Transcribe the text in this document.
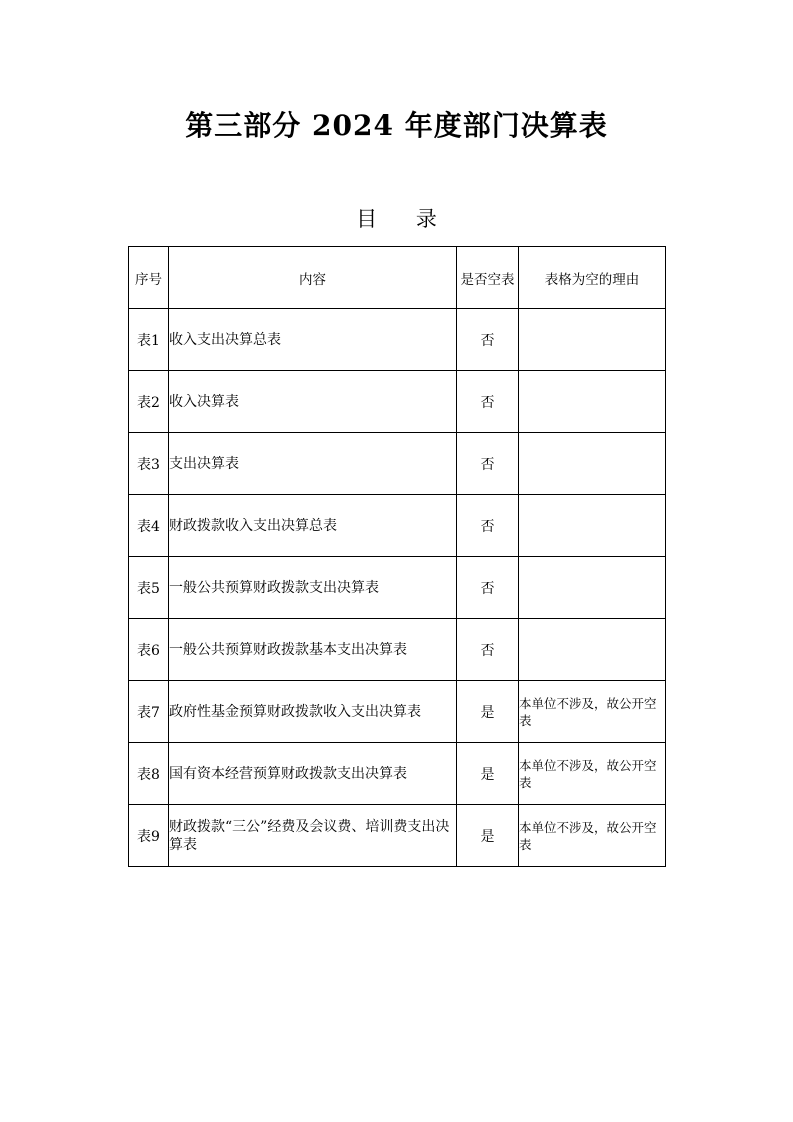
第三部分 2024 年度部门决算表
目 录
序号	内容	是否空表	表格为空的理由
表1	收入支出决算总表	否	
表2	收入决算表	否	
表3	支出决算表	否	
表4	财政拨款收入支出决算总表	否	
表5	一般公共预算财政拨款支出决算表	否	
表6	一般公共预算财政拨款基本支出决算表	否	
表7	政府性基金预算财政拨款收入支出决算表	是	本单位不涉及，故公开空表
表8	国有资本经营预算财政拨款支出决算表	是	本单位不涉及，故公开空表
表9	财政拨款“三公”经费及会议费、培训费支出决算表	是	本单位不涉及，故公开空表
